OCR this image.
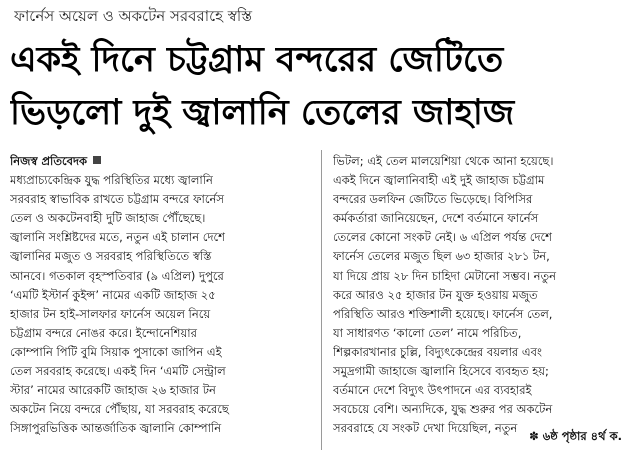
ফার্নেস অয়েল ও অকটেন সরবরাহে স্বস্তি
একই দিনে চট্টগ্রাম বন্দরের জেটিতে
ভিড়লো দুই জ্বালানি তেলের জাহাজ
নিজস্ব প্রতিবেদক
মধ্যপ্রাচ্যকেন্দ্রিক যুদ্ধ পরিস্থিতির মধ্যে জ্বালানি
সরবরাহ স্বাভাবিক রাখতে চট্টগ্রাম বন্দরে ফার্নেস
তেল ও অকটেনবাহী দুটি জাহাজ পৌঁছেছে।
জ্বালানি সংশ্লিষ্টদের মতে, নতুন এই চালান দেশে
জ্বালানির মজুত ও সরবরাহ পরিস্থিতিতে স্বস্তি
আনবে। গতকাল বৃহস্পতিবার (৯ এপ্রিল) দুপুরে
‘এমটি ইস্টার্ন কুইন্স’ নামের একটি জাহাজ ২৫
হাজার টন হাই-সালফার ফার্নেস অয়েল নিয়ে
চট্টগ্রাম বন্দরে নোঙর করে। ইন্দোনেশিয়ার
কোম্পানি পিটি বুমি সিয়াক পুসাকো জাপিন এই
তেল সরবরাহ করেছে। একই দিন ‘এমটি সেন্ট্রাল
স্টার’ নামের আরেকটি জাহাজ ২৬ হাজার টন
অকটেন নিয়ে বন্দরে পৌঁছায়, যা সরবরাহ করেছে
সিঙ্গাপুরভিত্তিক আন্তর্জাতিক জ্বালানি কোম্পানি
ভিটল; এই তেল মালয়েশিয়া থেকে আনা হয়েছে।
একই দিনে জ্বালানিবাহী এই দুই জাহাজ চট্টগ্রাম
বন্দরের ডলফিন জেটিতে ভিড়েছে। বিপিসির
কর্মকর্তারা জানিয়েছেন, দেশে বর্তমানে ফার্নেস
তেলের কোনো সংকট নেই। ৬ এপ্রিল পর্যন্ত দেশে
ফার্নেস তেলের মজুত ছিল ৬৩ হাজার ২৮১ টন,
যা দিয়ে প্রায় ২৮ দিন চাহিদা মেটানো সম্ভব। নতুন
করে আরও ২৫ হাজার টন যুক্ত হওয়ায় মজুত
পরিস্থিতি আরও শক্তিশালী হয়েছে। ফার্নেস তেল,
যা সাধারণত ‘কালো তেল’ নামে পরিচিত,
শিল্পকারখানার চুল্লি, বিদ্যুৎকেন্দ্রের বয়লার এবং
সমুদ্রগামী জাহাজে জ্বালানি হিসেবে ব্যবহৃত হয়;
বর্তমানে দেশে বিদ্যুৎ উৎপাদনে এর ব্যবহারই
সবচেয়ে বেশি। অন্যদিকে, যুদ্ধ শুরুর পর অকটেন
সরবরাহে যে সংকট দেখা দিয়েছিল, নতুন
✽ ৬ষ্ঠ পৃষ্ঠার ৪র্থ ক.
